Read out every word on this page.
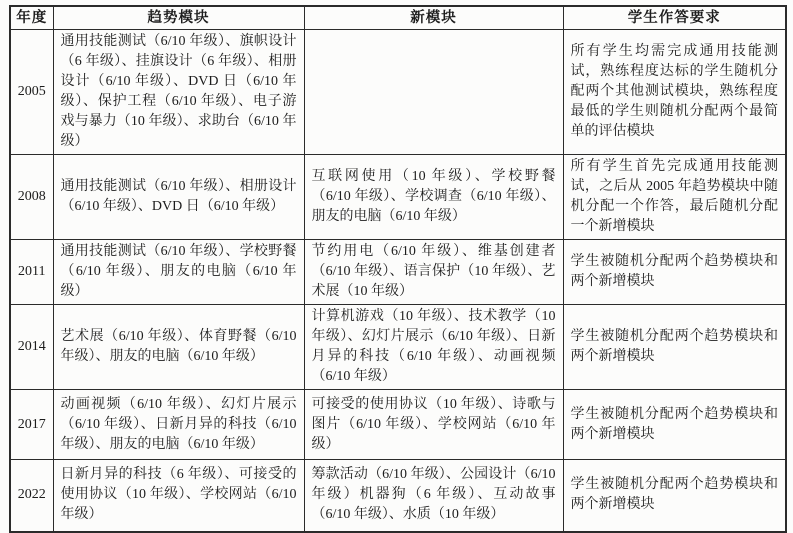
年度	趋势模块	新模块	学生作答要求
2005	通用技能测试（6/10 年级）、旗帜设计（6 年级）、挂旗设计（6 年级）、相册设计（6/10 年级）、DVD 日（6/10 年级）、保护工程（6/10 年级）、电子游戏与暴力（10 年级）、求助台（6/10 年级）		所有学生均需完成通用技能测试，熟练程度达标的学生随机分配两个其他测试模块，熟练程度最低的学生则随机分配两个最简单的评估模块
2008	通用技能测试（6/10 年级）、相册设计（6/10 年级）、DVD 日（6/10 年级）	互联网使用（10 年级）、学校野餐（6/10 年级）、学校调查（6/10 年级）、朋友的电脑（6/10 年级）	所有学生首先完成通用技能测试，之后从 2005 年趋势模块中随机分配一个作答，最后随机分配一个新增模块
2011	通用技能测试（6/10 年级）、学校野餐（6/10 年级）、朋友的电脑（6/10 年级）	节约用电（6/10 年级）、维基创建者（6/10 年级）、语言保护（10 年级）、艺术展（10 年级）	学生被随机分配两个趋势模块和两个新增模块
2014	艺术展（6/10 年级）、体育野餐（6/10 年级）、朋友的电脑（6/10 年级）	计算机游戏（10 年级）、技术教学（10 年级）、幻灯片展示（6/10 年级）、日新月异的科技（6/10 年级）、动画视频（6/10 年级）	学生被随机分配两个趋势模块和两个新增模块
2017	动画视频（6/10 年级）、幻灯片展示（6/10 年级）、日新月异的科技（6/10 年级）、朋友的电脑（6/10 年级）	可接受的使用协议（10 年级）、诗歌与图片（6/10 年级）、学校网站（6/10 年级）	学生被随机分配两个趋势模块和两个新增模块
2022	日新月异的科技（6 年级）、可接受的使用协议（10 年级）、学校网站（6/10 年级）	筹款活动（6/10 年级）、公园设计（6/10 年级）机器狗（6 年级）、互动故事（6/10 年级）、水质（10 年级）	学生被随机分配两个趋势模块和两个新增模块
